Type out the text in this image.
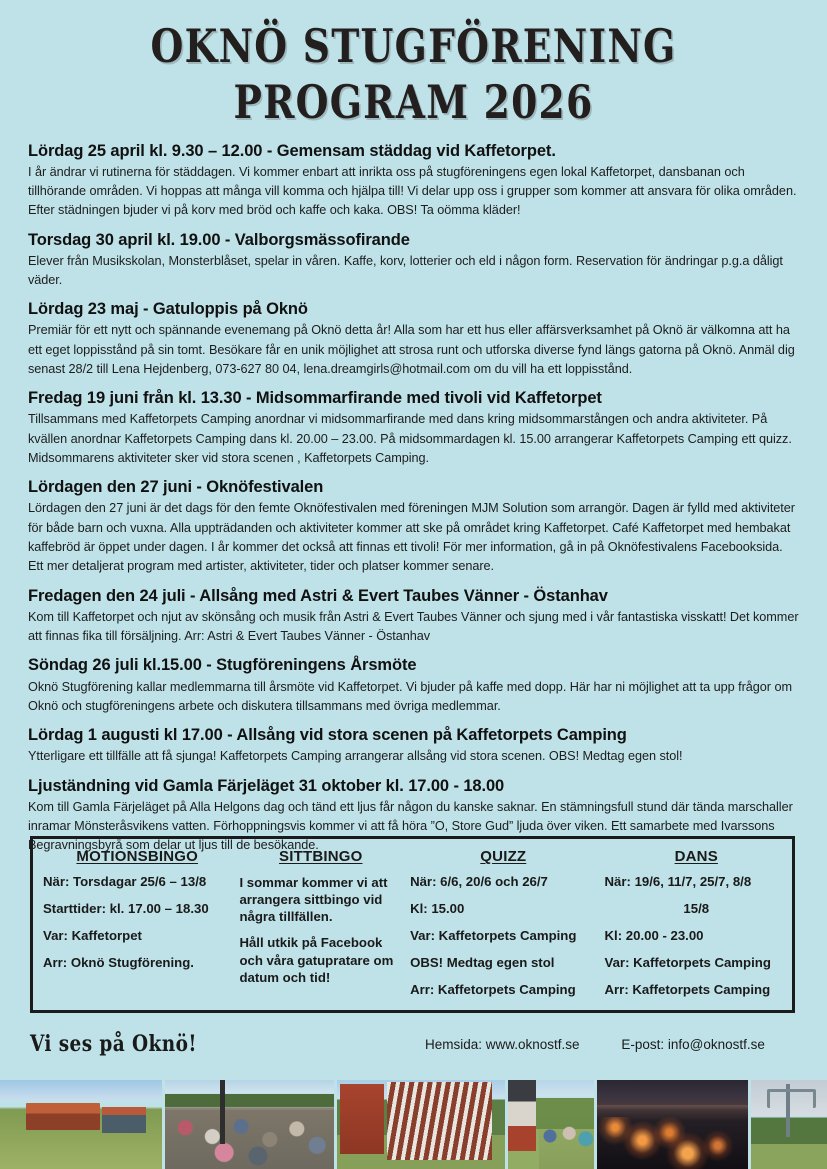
OKNÖ STUGFÖRENING
PROGRAM 2026
Lördag 25 april kl. 9.30 – 12.00 - Gemensam städdag vid Kaffetorpet.
I år ändrar vi rutinerna för städdagen. Vi kommer enbart att inrikta oss på stugföreningens egen lokal Kaffetorpet, dansbanan och tillhörande områden. Vi hoppas att många vill komma och hjälpa till! Vi delar upp oss i grupper som kommer att ansvara för olika områden. Efter städningen bjuder vi på korv med bröd och kaffe och kaka. OBS! Ta oömma kläder!
Torsdag 30 april kl. 19.00 - Valborgsmässofirande
Elever från Musikskolan, Monsterblåset, spelar in våren. Kaffe, korv, lotterier och eld i någon form. Reservation för ändringar p.g.a dåligt väder.
Lördag 23 maj - Gatuloppis på Oknö
Premiär för ett nytt och spännande evenemang på Oknö detta år! Alla som har ett hus eller affärsverksamhet på Oknö är välkomna att ha ett eget loppisstånd på sin tomt. Besökare får en unik möjlighet att strosa runt och utforska diverse fynd längs gatorna på Oknö. Anmäl dig senast 28/2 till Lena Hejdenberg, 073-627 80 04, lena.dreamgirls@hotmail.com om du vill ha ett loppisstånd.
Fredag 19 juni från kl. 13.30 - Midsommarfirande med tivoli vid Kaffetorpet
Tillsammans med Kaffetorpets Camping anordnar vi midsommarfirande med dans kring midsommarstången och andra aktiviteter. På kvällen anordnar Kaffetorpets Camping dans kl. 20.00 – 23.00. På midsommardagen kl. 15.00 arrangerar Kaffetorpets Camping ett quizz. Midsommarens aktiviteter sker vid stora scenen , Kaffetorpets Camping.
Lördagen den 27 juni - Oknöfestivalen
Lördagen den 27 juni är det dags för den femte Oknöfestivalen med föreningen MJM Solution som arrangör. Dagen är fylld med aktiviteter för både barn och vuxna. Alla uppträdanden och aktiviteter kommer att ske på området kring Kaffetorpet. Café Kaffetorpet med hembakat kaffebröd är öppet under dagen. I år kommer det också att finnas ett tivoli! För mer information, gå in på Oknöfestivalens Facebooksida. Ett mer detaljerat program med artister, aktiviteter, tider och platser kommer senare.
Fredagen den 24 juli - Allsång med Astri & Evert Taubes Vänner - Östanhav
Kom till Kaffetorpet och njut av skönsång och musik från Astri & Evert Taubes Vänner och sjung med i vår fantastiska visskatt! Det kommer att finnas fika till försäljning. Arr: Astri & Evert Taubes Vänner - Östanhav
Söndag 26 juli kl.15.00 - Stugföreningens Årsmöte
Oknö Stugförening kallar medlemmarna till årsmöte vid Kaffetorpet. Vi bjuder på kaffe med dopp. Här har ni möjlighet att ta upp frågor om Oknö och stugföreningens arbete och diskutera tillsammans med övriga medlemmar.
Lördag 1 augusti kl 17.00 - Allsång vid stora scenen på Kaffetorpets Camping
Ytterligare ett tillfälle att få sjunga! Kaffetorpets Camping arrangerar allsång vid stora scenen. OBS! Medtag egen stol!
Ljuständning vid Gamla Färjeläget 31 oktober kl. 17.00 - 18.00
Kom till Gamla Färjeläget på Alla Helgons dag och tänd ett ljus får någon du kanske saknar. En stämningsfull stund där tända marschaller inramar Mönsteråsvikens vatten. Förhoppningsvis kommer vi att få höra ”O, Store Gud” ljuda över viken. Ett samarbete med Ivarssons Begravningsbyrå som delar ut ljus till de besökande.
MOTIONSBINGO
När: Torsdagar 25/6 – 13/8
Starttider: kl. 17.00 – 18.30
Var: Kaffetorpet
Arr: Oknö Stugförening.
SITTBINGO
I sommar kommer vi att arrangera sittbingo vid några tillfällen.
Håll utkik på Facebook och våra gatupratare om datum och tid!
QUIZZ
När: 6/6, 20/6 och 26/7
Kl: 15.00
Var: Kaffetorpets Camping
OBS! Medtag egen stol
Arr: Kaffetorpets Camping
DANS
När: 19/6, 11/7, 25/7, 8/8
15/8
Kl: 20.00 - 23.00
Var: Kaffetorpets Camping
Arr: Kaffetorpets Camping
Vi ses på Oknö!	Hemsida: www.oknostf.se	E-post: info@oknostf.se
